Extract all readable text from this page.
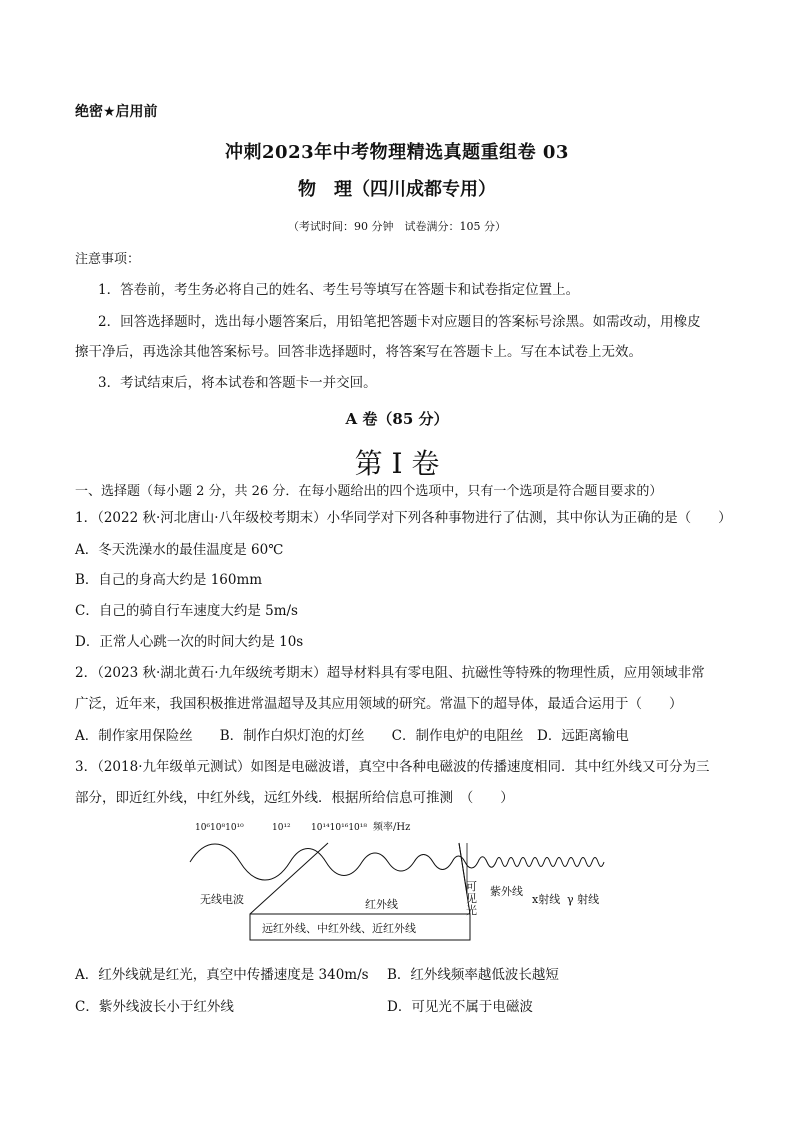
绝密★启用前
冲刺2023年中考物理精选真题重组卷 03
物　理（四川成都专用）
（考试时间：90 分钟　试卷满分：105 分）
注意事项：
1．答卷前，考生务必将自己的姓名、考生号等填写在答题卡和试卷指定位置上。
2．回答选择题时，选出每小题答案后，用铅笔把答题卡对应题目的答案标号涂黑。如需改动，用橡皮
擦干净后，再选涂其他答案标号。回答非选择题时，将答案写在答题卡上。写在本试卷上无效。
3．考试结束后，将本试卷和答题卡一并交回。
A 卷（85 分）
第 I 卷
一、选择题（每小题 2 分，共 26 分．在每小题给出的四个选项中，只有一个选项是符合题目要求的）
1．（2022 秋·河北唐山·八年级校考期末）小华同学对下列各种事物进行了估测，其中你认为正确的是（　　）
A．冬天洗澡水的最佳温度是 60℃
B．自己的身高大约是 160mm
C．自己的骑自行车速度大约是 5m/s
D．正常人心跳一次的时间大约是 10s
2．（2023 秋·湖北黄石·九年级统考期末）超导材料具有零电阻、抗磁性等特殊的物理性质，应用领域非常
广泛，近年来，我国积极推进常温超导及其应用领域的研究。常温下的超导体，最适合运用于（　　）
A．制作家用保险丝　　B．制作白炽灯泡的灯丝　　C．制作电炉的电阻丝　D．远距离输电
3．（2018·九年级单元测试）如图是电磁波谱，真空中各种电磁波的传播速度相同．其中红外线又可分为三
部分，即近红外线，中红外线，远红外线．根据所给信息可推测　（　　）
10⁶10⁸10¹⁰	10¹² 10¹⁴10¹⁶10¹⁸ 频率/Hz
无线电波	红外线
可
见
光
紫外线
x射线 γ 射线
远红外线、中红外线、近红外线
A．红外线就是红光，真空中传播速度是 340m/s B．红外线频率越低波长越短
C．紫外线波长小于红外线	D．可见光不属于电磁波
